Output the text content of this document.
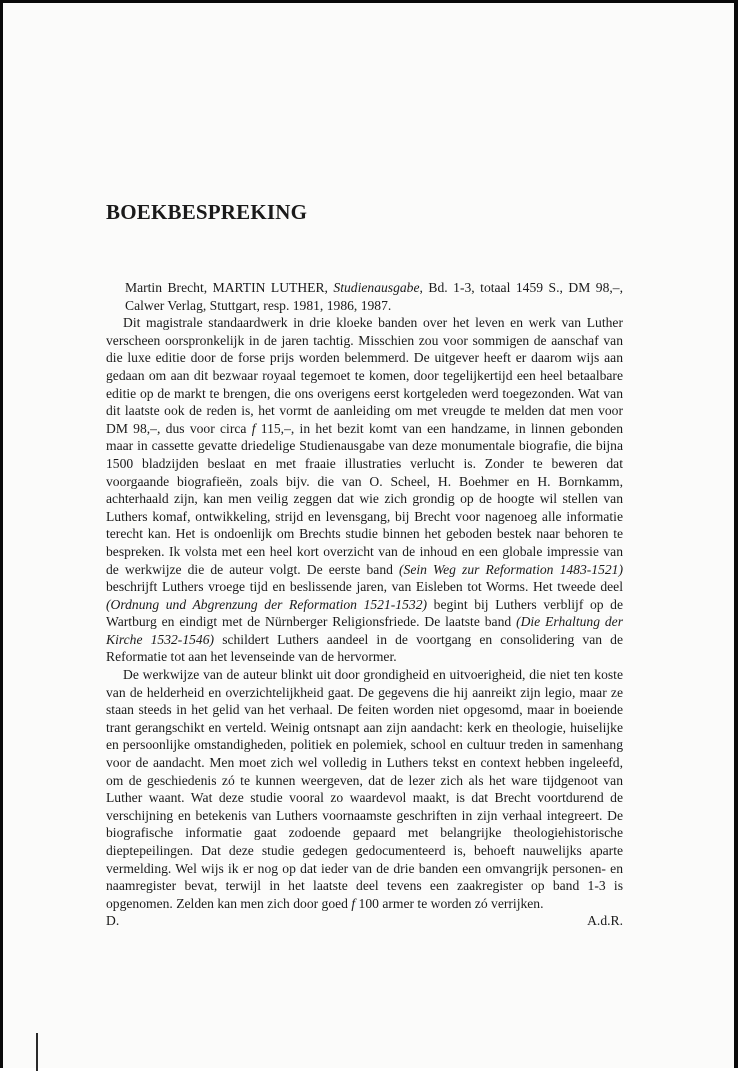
BOEKBESPREKING

Martin Brecht, MARTIN LUTHER, Studienausgabe, Bd. 1-3, totaal 1459 S., DM 98,–, Calwer Verlag, Stuttgart, resp. 1981, 1986, 1987.

Dit magistrale standaardwerk in drie kloeke banden over het leven en werk van Luther verscheen oorspronkelijk in de jaren tachtig. Misschien zou voor sommigen de aanschaf van die luxe editie door de forse prijs worden belemmerd. De uitgever heeft er daarom wijs aan gedaan om aan dit bezwaar royaal tegemoet te komen, door tegelijkertijd een heel betaalbare editie op de markt te brengen, die ons overigens eerst kortgeleden werd toegezonden. Wat van dit laatste ook de reden is, het vormt de aanleiding om met vreugde te melden dat men voor DM 98,–, dus voor circa f 115,–, in het bezit komt van een handzame, in linnen gebonden maar in cassette gevatte driedelige Studienausgabe van deze monumentale biografie, die bijna 1500 bladzijden beslaat en met fraaie illustraties verlucht is. Zonder te beweren dat voorgaande biografieën, zoals bijv. die van O. Scheel, H. Boehmer en H. Bornkamm, achterhaald zijn, kan men veilig zeggen dat wie zich grondig op de hoogte wil stellen van Luthers komaf, ontwikkeling, strijd en levensgang, bij Brecht voor nagenoeg alle informatie terecht kan. Het is ondoenlijk om Brechts studie binnen het geboden bestek naar behoren te bespreken. Ik volsta met een heel kort overzicht van de inhoud en een globale impressie van de werkwijze die de auteur volgt. De eerste band (Sein Weg zur Reformation 1483-1521) beschrijft Luthers vroege tijd en beslissende jaren, van Eisleben tot Worms. Het tweede deel (Ordnung und Abgrenzung der Reformation 1521-1532) begint bij Luthers verblijf op de Wartburg en eindigt met de Nürnberger Religionsfriede. De laatste band (Die Erhaltung der Kirche 1532-1546) schildert Luthers aandeel in de voortgang en consolidering van de Reformatie tot aan het levenseinde van de hervormer.

De werkwijze van de auteur blinkt uit door grondigheid en uitvoerigheid, die niet ten koste van de helderheid en overzichtelijkheid gaat. De gegevens die hij aanreikt zijn legio, maar ze staan steeds in het gelid van het verhaal. De feiten worden niet opgesomd, maar in boeiende trant gerangschikt en verteld. Weinig ontsnapt aan zijn aandacht: kerk en theologie, huiselijke en persoonlijke omstandigheden, politiek en polemiek, school en cultuur treden in samenhang voor de aandacht. Men moet zich wel volledig in Luthers tekst en context hebben ingeleefd, om de geschiedenis zó te kunnen weergeven, dat de lezer zich als het ware tijdgenoot van Luther waant. Wat deze studie vooral zo waardevol maakt, is dat Brecht voortdurend de verschijning en betekenis van Luthers voornaamste geschriften in zijn verhaal integreert. De biografische informatie gaat zodoende gepaard met belangrijke theologiehistorische dieptepeilingen. Dat deze studie gedegen gedocumenteerd is, behoeft nauwelijks aparte vermelding. Wel wijs ik er nog op dat ieder van de drie banden een omvangrijk personen- en naamregister bevat, terwijl in het laatste deel tevens een zaakregister op band 1-3 is opgenomen. Zelden kan men zich door goed f 100 armer te worden zó verrijken.

D.	A.d.R.
